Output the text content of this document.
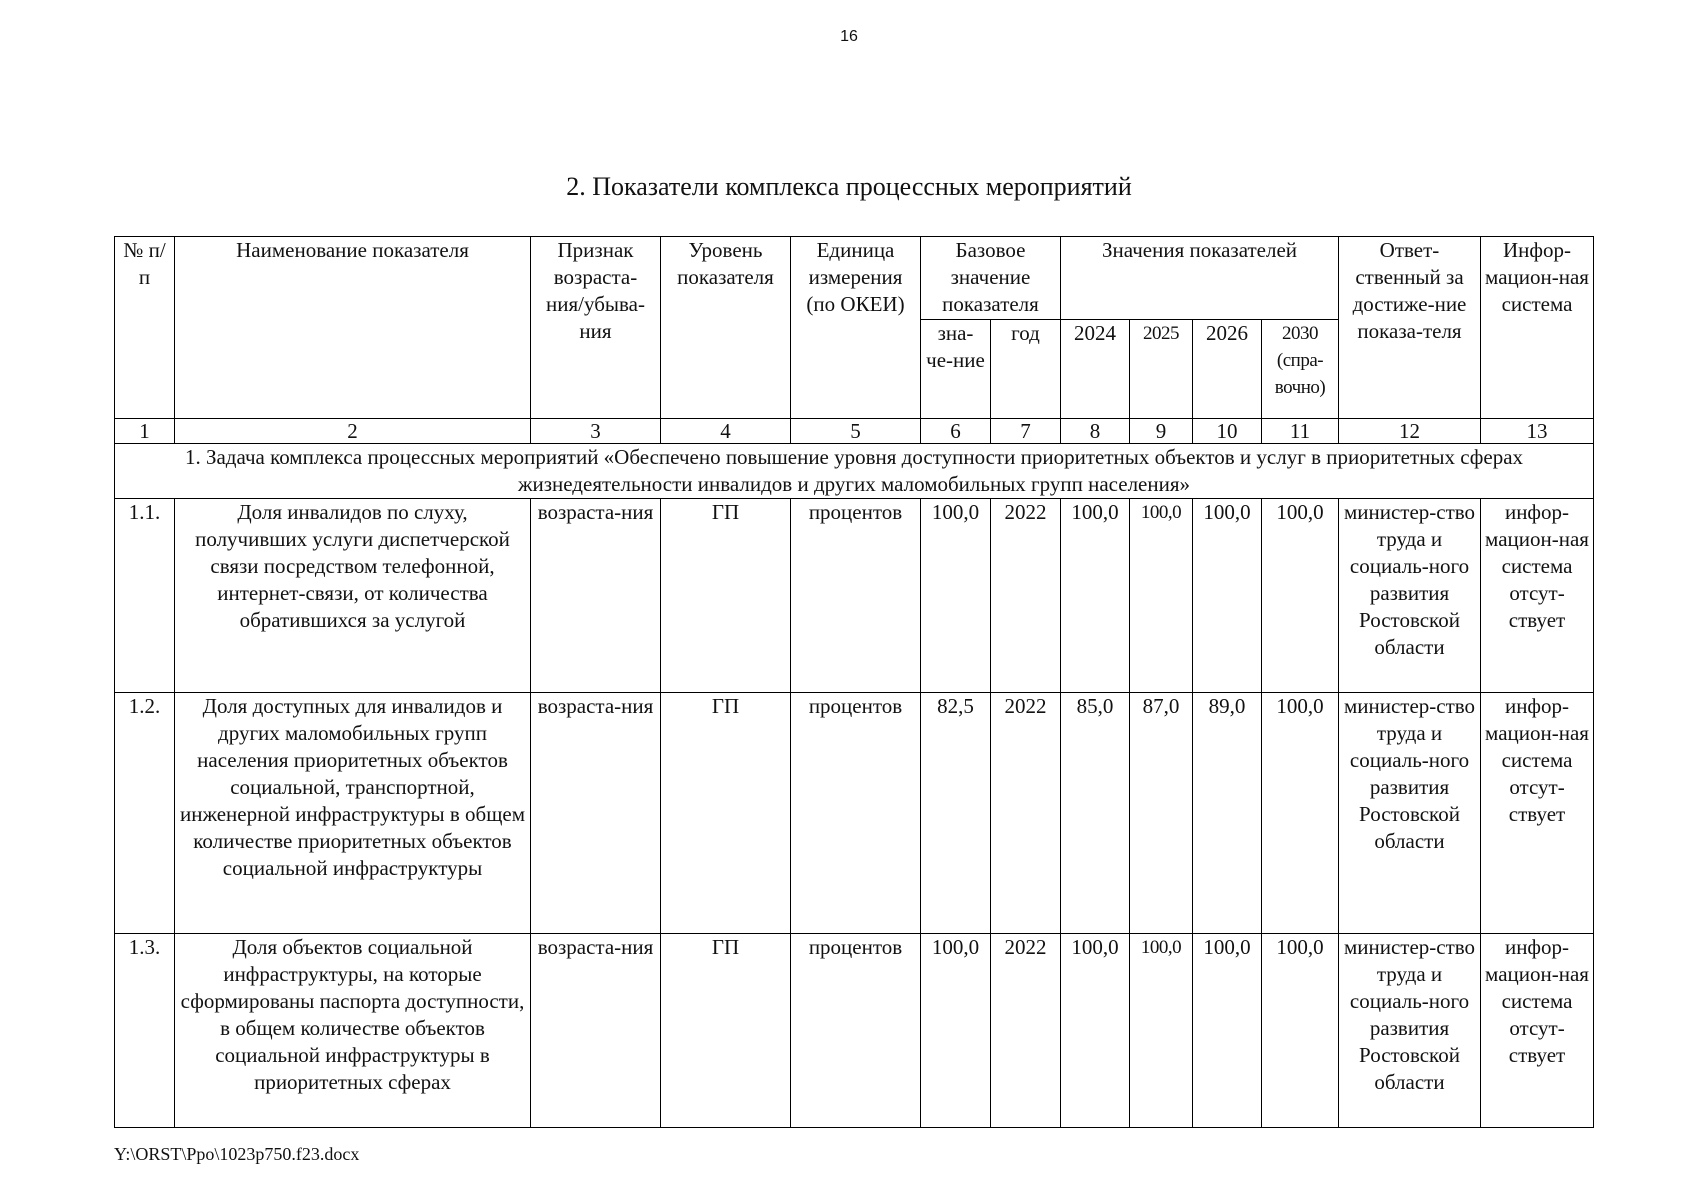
16
2. Показатели комплекса процессных мероприятий
№ п/п	Наименование показателя	Признак возраста-ния/убыва-ния	Уровень показателя	Единица измерения (по ОКЕИ)	Базовое значение показателя		Значения показателей				Ответ-ственный за достиже-ние показа-теля	Инфор-мацион-ная система
					зна-че-ние	год	2024	2025	2026	2030 (спра-вочно)		
1	2	3	4	5	6	7	8	9	10	11	12	13
1. Задача комплекса процессных мероприятий «Обеспечено повышение уровня доступности приоритетных объектов и услуг в приоритетных сферах жизнедеятельности инвалидов и других маломобильных групп населения»												
1.1.	Доля инвалидов по слуху, получивших услуги диспетчерской связи посредством телефонной, интернет-связи, от количества обратившихся за услугой	возраста-ния	ГП	процентов	100,0	2022	100,0	100,0	100,0	100,0	министер-ство труда и социаль-ного развития Ростовской области	инфор-мацион-ная система отсут-ствует
1.2.	Доля доступных для инвалидов и других маломобильных групп населения приоритетных объектов социальной, транспортной, инженерной инфраструктуры в общем количестве приоритетных объектов социальной инфраструктуры	возраста-ния	ГП	процентов	82,5	2022	85,0	87,0	89,0	100,0	министер-ство труда и социаль-ного развития Ростовской области	инфор-мацион-ная система отсут-ствует
1.3.	Доля объектов социальной инфраструктуры, на которые сформированы паспорта доступности, в общем количестве объектов социальной инфраструктуры в приоритетных сферах	возраста-ния	ГП	процентов	100,0	2022	100,0	100,0	100,0	100,0	министер-ство труда и социаль-ного развития Ростовской области	инфор-мацион-ная система отсут-ствует
Y:\ORST\Ppo\1023p750.f23.docx
